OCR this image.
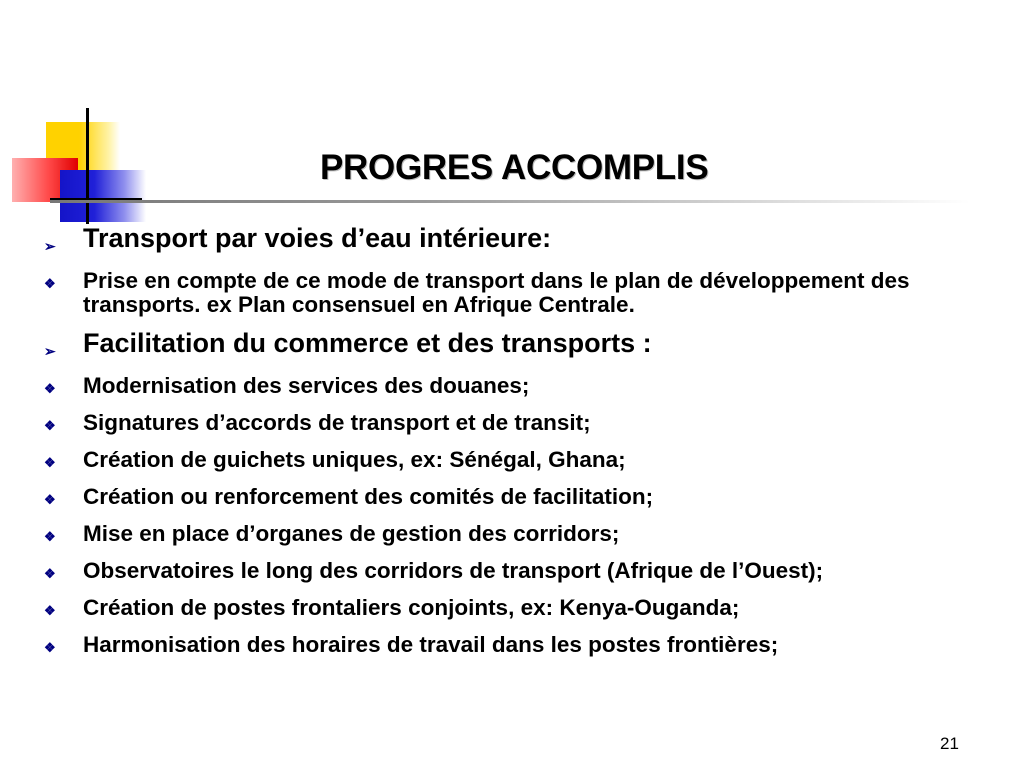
PROGRES ACCOMPLIS
➢	Transport par voies d’eau intérieure:
❖	Prise en compte de ce mode de transport dans le plan de développement des transports. ex Plan consensuel en Afrique Centrale.
➢	Facilitation du commerce et des transports :
❖	Modernisation des services des douanes;
❖	Signatures d’accords de transport et de transit;
❖	Création de guichets uniques, ex: Sénégal, Ghana;
❖	Création ou renforcement des comités de facilitation;
❖	Mise en place d’organes de gestion des corridors;
❖	Observatoires le long des corridors de transport (Afrique de l’Ouest);
❖	Création de postes frontaliers conjoints, ex: Kenya-Ouganda;
❖	Harmonisation des horaires de travail dans les postes frontières;
21
